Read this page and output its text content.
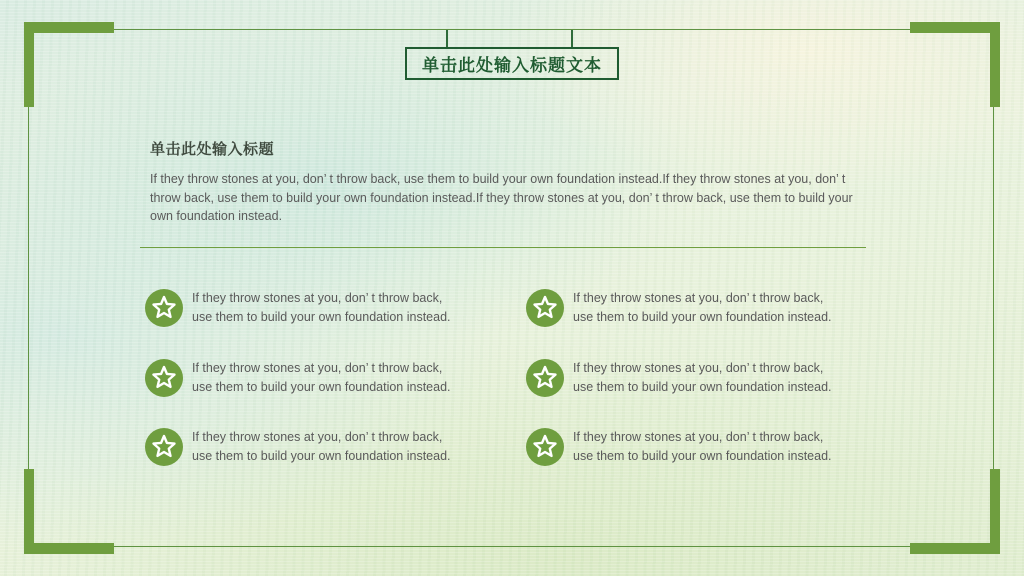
单击此处输入标题文本
单击此处输入标题
If they throw stones at you, don’ t throw back, use them to build your own foundation instead.If they throw stones at you, don’ t throw back, use them to build your own foundation instead.If they throw stones at you, don’ t throw back, use them to build your own foundation instead.
If they throw stones at you, don’ t throw back,
use them to build your own foundation instead.
If they throw stones at you, don’ t throw back,
use them to build your own foundation instead.
If they throw stones at you, don’ t throw back,
use them to build your own foundation instead.
If they throw stones at you, don’ t throw back,
use them to build your own foundation instead.
If they throw stones at you, don’ t throw back,
use them to build your own foundation instead.
If they throw stones at you, don’ t throw back,
use them to build your own foundation instead.
